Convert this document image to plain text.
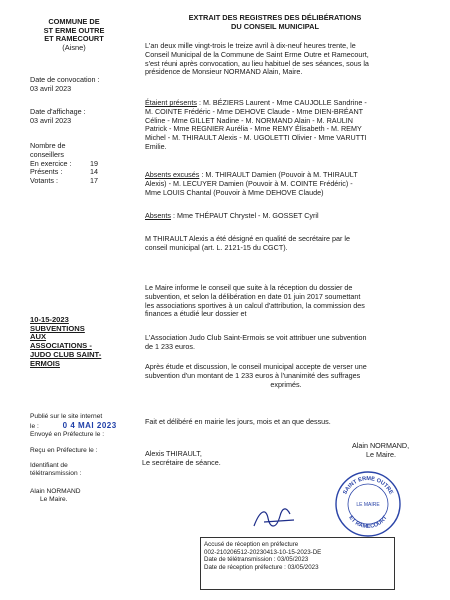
COMMUNE DE
ST ERME OUTRE
ET RAMECOURT
(Aisne)
EXTRAIT DES REGISTRES DES DÉLIBÉRATIONS
DU CONSEIL MUNICIPAL
Date de convocation :
03 avril 2023
Date d'affichage :
03 avril 2023
Nombre de
conseillers
En exercice :	19
Présents :	14
Votants :	17
L'an deux mille vingt-trois le treize avril à dix-neuf heures trente, le
Conseil Municipal de la Commune de Saint Erme Outre et Ramecourt,
s'est réuni après convocation, au lieu habituel de ses séances, sous la
présidence de Monsieur NORMAND Alain, Maire.
Étaient présents : M. BÉZIERS Laurent - Mme CAUJOLLE Sandrine -
M. COINTE Frédéric - Mme DEHOVE Claude - Mme DIEN-BRÉANT
Céline - Mme GILLET Nadine - M. NORMAND Alain - M. RAULIN
Patrick - Mme REGNIER Aurélia - Mme REMY Élisabeth - M. REMY
Michel - M. THIRAULT Alexis - M. UGOLETTI Olivier - Mme VARUTTI
Emilie.
Absents excusés : M. THIRAULT Damien (Pouvoir à M. THIRAULT
Alexis) - M. LECUYER Damien (Pouvoir à M. COINTE Frédéric) -
Mme LOUIS Chantal (Pouvoir à Mme DEHOVE Claude)
Absents : Mme THÉPAUT Chrystel - M. GOSSET Cyril
M THIRAULT Alexis a été désigné en qualité de secrétaire par le
conseil municipal (art. L. 2121-15 du CGCT).
10-15-2023
SUBVENTIONS
AUX
ASSOCIATIONS -
JUDO CLUB SAINT-
ERMOIS
Le Maire informe le conseil que suite à la réception du dossier de
subvention, et selon la délibération en date 01 juin 2017 soumettant
les associations sportives à un calcul d'attribution, la commission des
finances a étudié leur dossier et
L'Association Judo Club Saint-Ermois se voit attribuer une subvention
de 1 233 euros.
Après étude et discussion, le conseil municipal accepte de verser une
subvention d'un montant de 1 233 euros à l'unanimité des suffrages
exprimés.
Fait et délibéré en mairie les jours, mois et an que dessus.
Publié sur le site internet
le :	0 4 MAI 2023
Envoyé en Préfecture le :
Reçu en Préfecture le :
Identifiant de
télétransmission :
Alain NORMAND
Le Maire.
Alexis THIRAULT,
Le secrétaire de séance.
Alain NORMAND,
Le Maire.
SAINT ERME OUTRE
ET RAMECOURT
LE MAIRE
Accusé de réception en préfecture
002-210206512-20230413-10-15-2023-DE
Date de télétransmission : 03/05/2023
Date de réception préfecture : 03/05/2023
